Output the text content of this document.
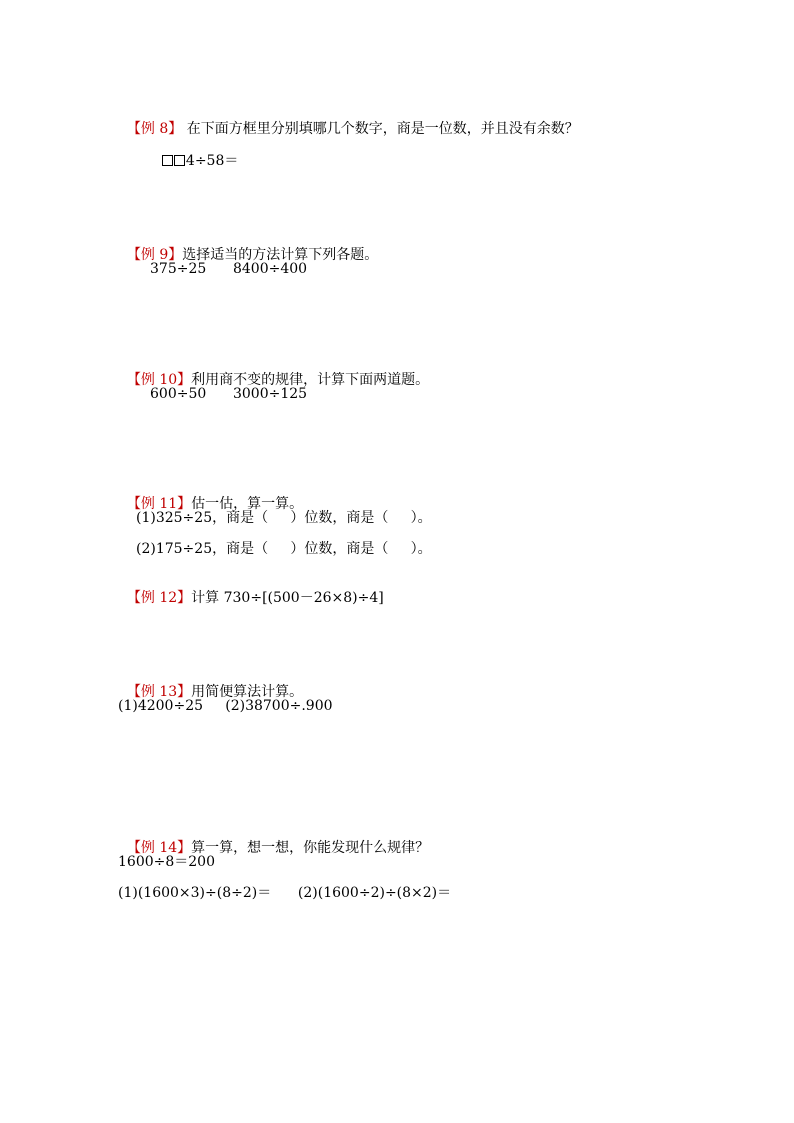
【例 8】 在下面方框里分别填哪几个数字，商是一位数，并且没有余数？

4÷58＝

【例 9】选择适当的方法计算下列各题。

375÷25      8400÷400

【例 10】利用商不变的规律，计算下面两道题。

600÷50      3000÷125

【例 11】估一估，算一算。

(1)325÷25，商是（     ）位数，商是（     ）。
(2)175÷25，商是（     ）位数，商是（     ）。

【例 12】计算 730÷[(500－26×8)÷4]

【例 13】用简便算法计算。

(1)4200÷25     (2)38700÷.900

【例 14】算一算，想一想，你能发现什么规律？

1600÷8＝200
(1)(1600×3)÷(8÷2)＝      (2)(1600÷2)÷(8×2)＝
